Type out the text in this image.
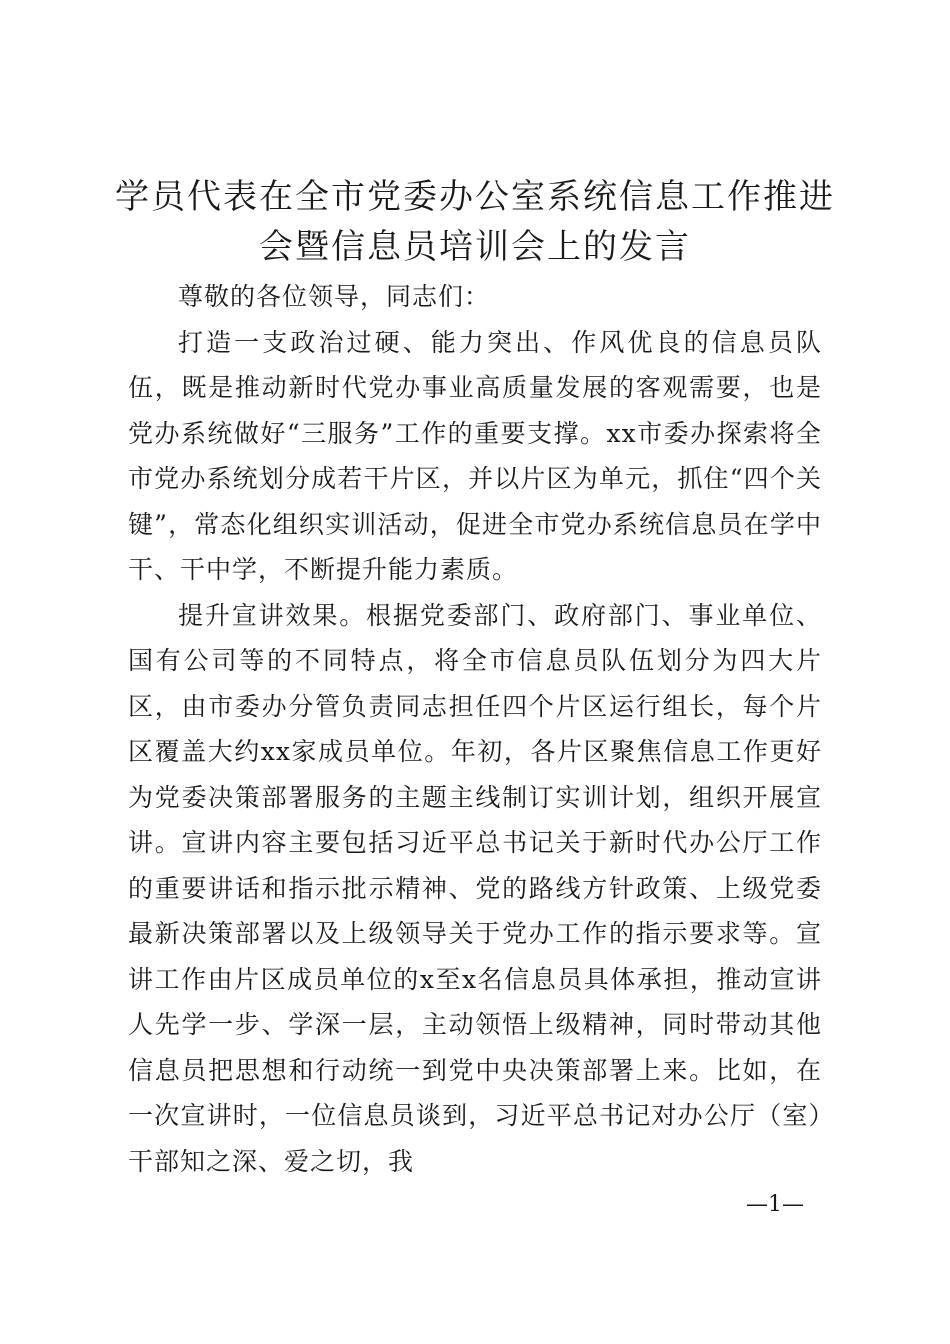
学员代表在全市党委办公室系统信息工作推进
会暨信息员培训会上的发言

尊敬的各位领导，同志们：

打造一支政治过硬、能力突出、作风优良的信息员队伍，既是推动新时代党办事业高质量发展的客观需要，也是党办系统做好“三服务”工作的重要支撑。xx市委办探索将全市党办系统划分成若干片区，并以片区为单元，抓住“四个关键”，常态化组织实训活动，促进全市党办系统信息员在学中干、干中学，不断提升能力素质。

提升宣讲效果。根据党委部门、政府部门、事业单位、国有公司等的不同特点，将全市信息员队伍划分为四大片区，由市委办分管负责同志担任四个片区运行组长，每个片区覆盖大约xx家成员单位。年初，各片区聚焦信息工作更好为党委决策部署服务的主题主线制订实训计划，组织开展宣讲。宣讲内容主要包括习近平总书记关于新时代办公厅工作的重要讲话和指示批示精神、党的路线方针政策、上级党委最新决策部署以及上级领导关于党办工作的指示要求等。宣讲工作由片区成员单位的x至x名信息员具体承担，推动宣讲人先学一步、学深一层，主动领悟上级精神，同时带动其他信息员把思想和行动统一到党中央决策部署上来。比如，在一次宣讲时，一位信息员谈到，习近平总书记对办公厅（室）干部知之深、爱之切，我

—1—
